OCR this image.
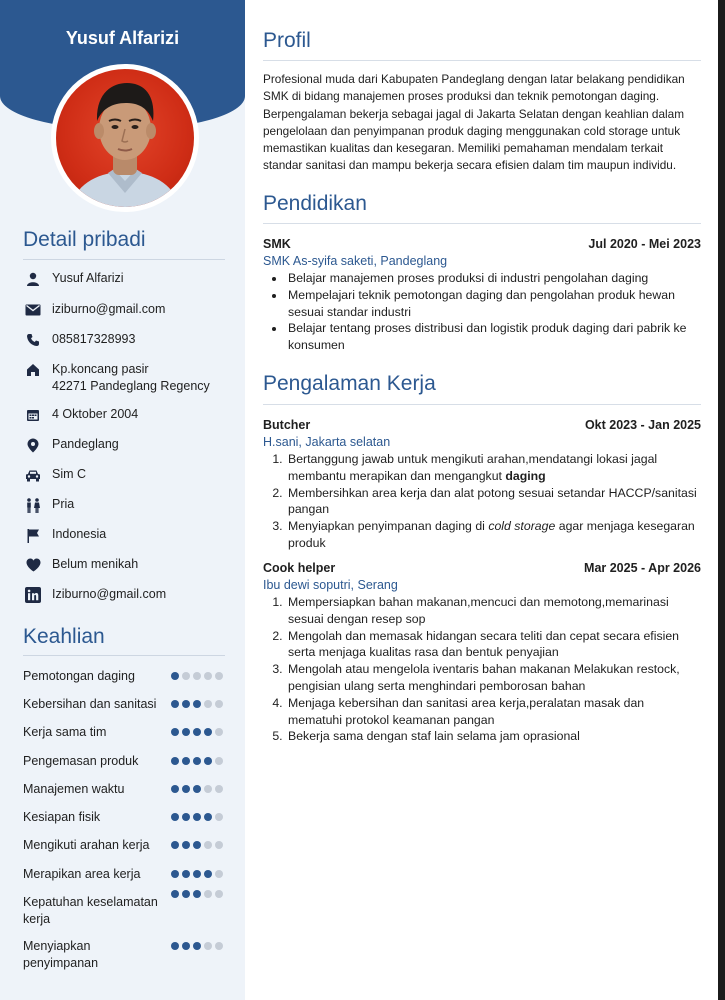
Yusuf Alfarizi
Detail pribadi
Yusuf Alfarizi
iziburno@gmail.com
085817328993
Kp.koncang pasir
42271 Pandeglang Regency
4 Oktober 2004
Pandeglang
Sim C
Pria
Indonesia
Belum menikah
Iziburno@gmail.com
Keahlian
Pemotongan daging
Kebersihan dan sanitasi
Kerja sama tim
Pengemasan produk
Manajemen waktu
Kesiapan fisik
Mengikuti arahan kerja
Merapikan area kerja
Kepatuhan keselamatan kerja
Menyiapkan penyimpanan
Profil
Profesional muda dari Kabupaten Pandeglang dengan latar belakang pendidikan SMK di bidang manajemen proses produksi dan teknik pemotongan daging. Berpengalaman bekerja sebagai jagal di Jakarta Selatan dengan keahlian dalam pengelolaan dan penyimpanan produk daging menggunakan cold storage untuk memastikan kualitas dan kesegaran. Memiliki pemahaman mendalam terkait standar sanitasi dan mampu bekerja secara efisien dalam tim maupun individu.
Pendidikan
SMK	Jul 2020 - Mei 2023
SMK As-syifa saketi, Pandeglang
• Belajar manajemen proses produksi di industri pengolahan daging
• Mempelajari teknik pemotongan daging dan pengolahan produk hewan sesuai standar industri
• Belajar tentang proses distribusi dan logistik produk daging dari pabrik ke konsumen
Pengalaman Kerja
Butcher	Okt 2023 - Jan 2025
H.sani, Jakarta selatan
1. Bertanggung jawab untuk mengikuti arahan,mendatangi lokasi jagal membantu merapikan dan mengangkut daging
2. Membersihkan area kerja dan alat potong sesuai setandar HACCP/sanitasi pangan
3. Menyiapkan penyimpanan daging di cold storage agar menjaga kesegaran produk
Cook helper	Mar 2025 - Apr 2026
Ibu dewi soputri, Serang
1. Mempersiapkan bahan makanan,mencuci dan memotong,memarinasi sesuai dengan resep sop
2. Mengolah dan memasak hidangan secara teliti dan cepat secara efisien serta menjaga kualitas rasa dan bentuk penyajian
3. Mengolah atau mengelola iventaris bahan makanan Melakukan restock, pengisian ulang serta menghindari pemborosan bahan
4. Menjaga kebersihan dan sanitasi area kerja,peralatan masak dan mematuhi protokol keamanan pangan
5. Bekerja sama dengan staf lain selama jam oprasional
